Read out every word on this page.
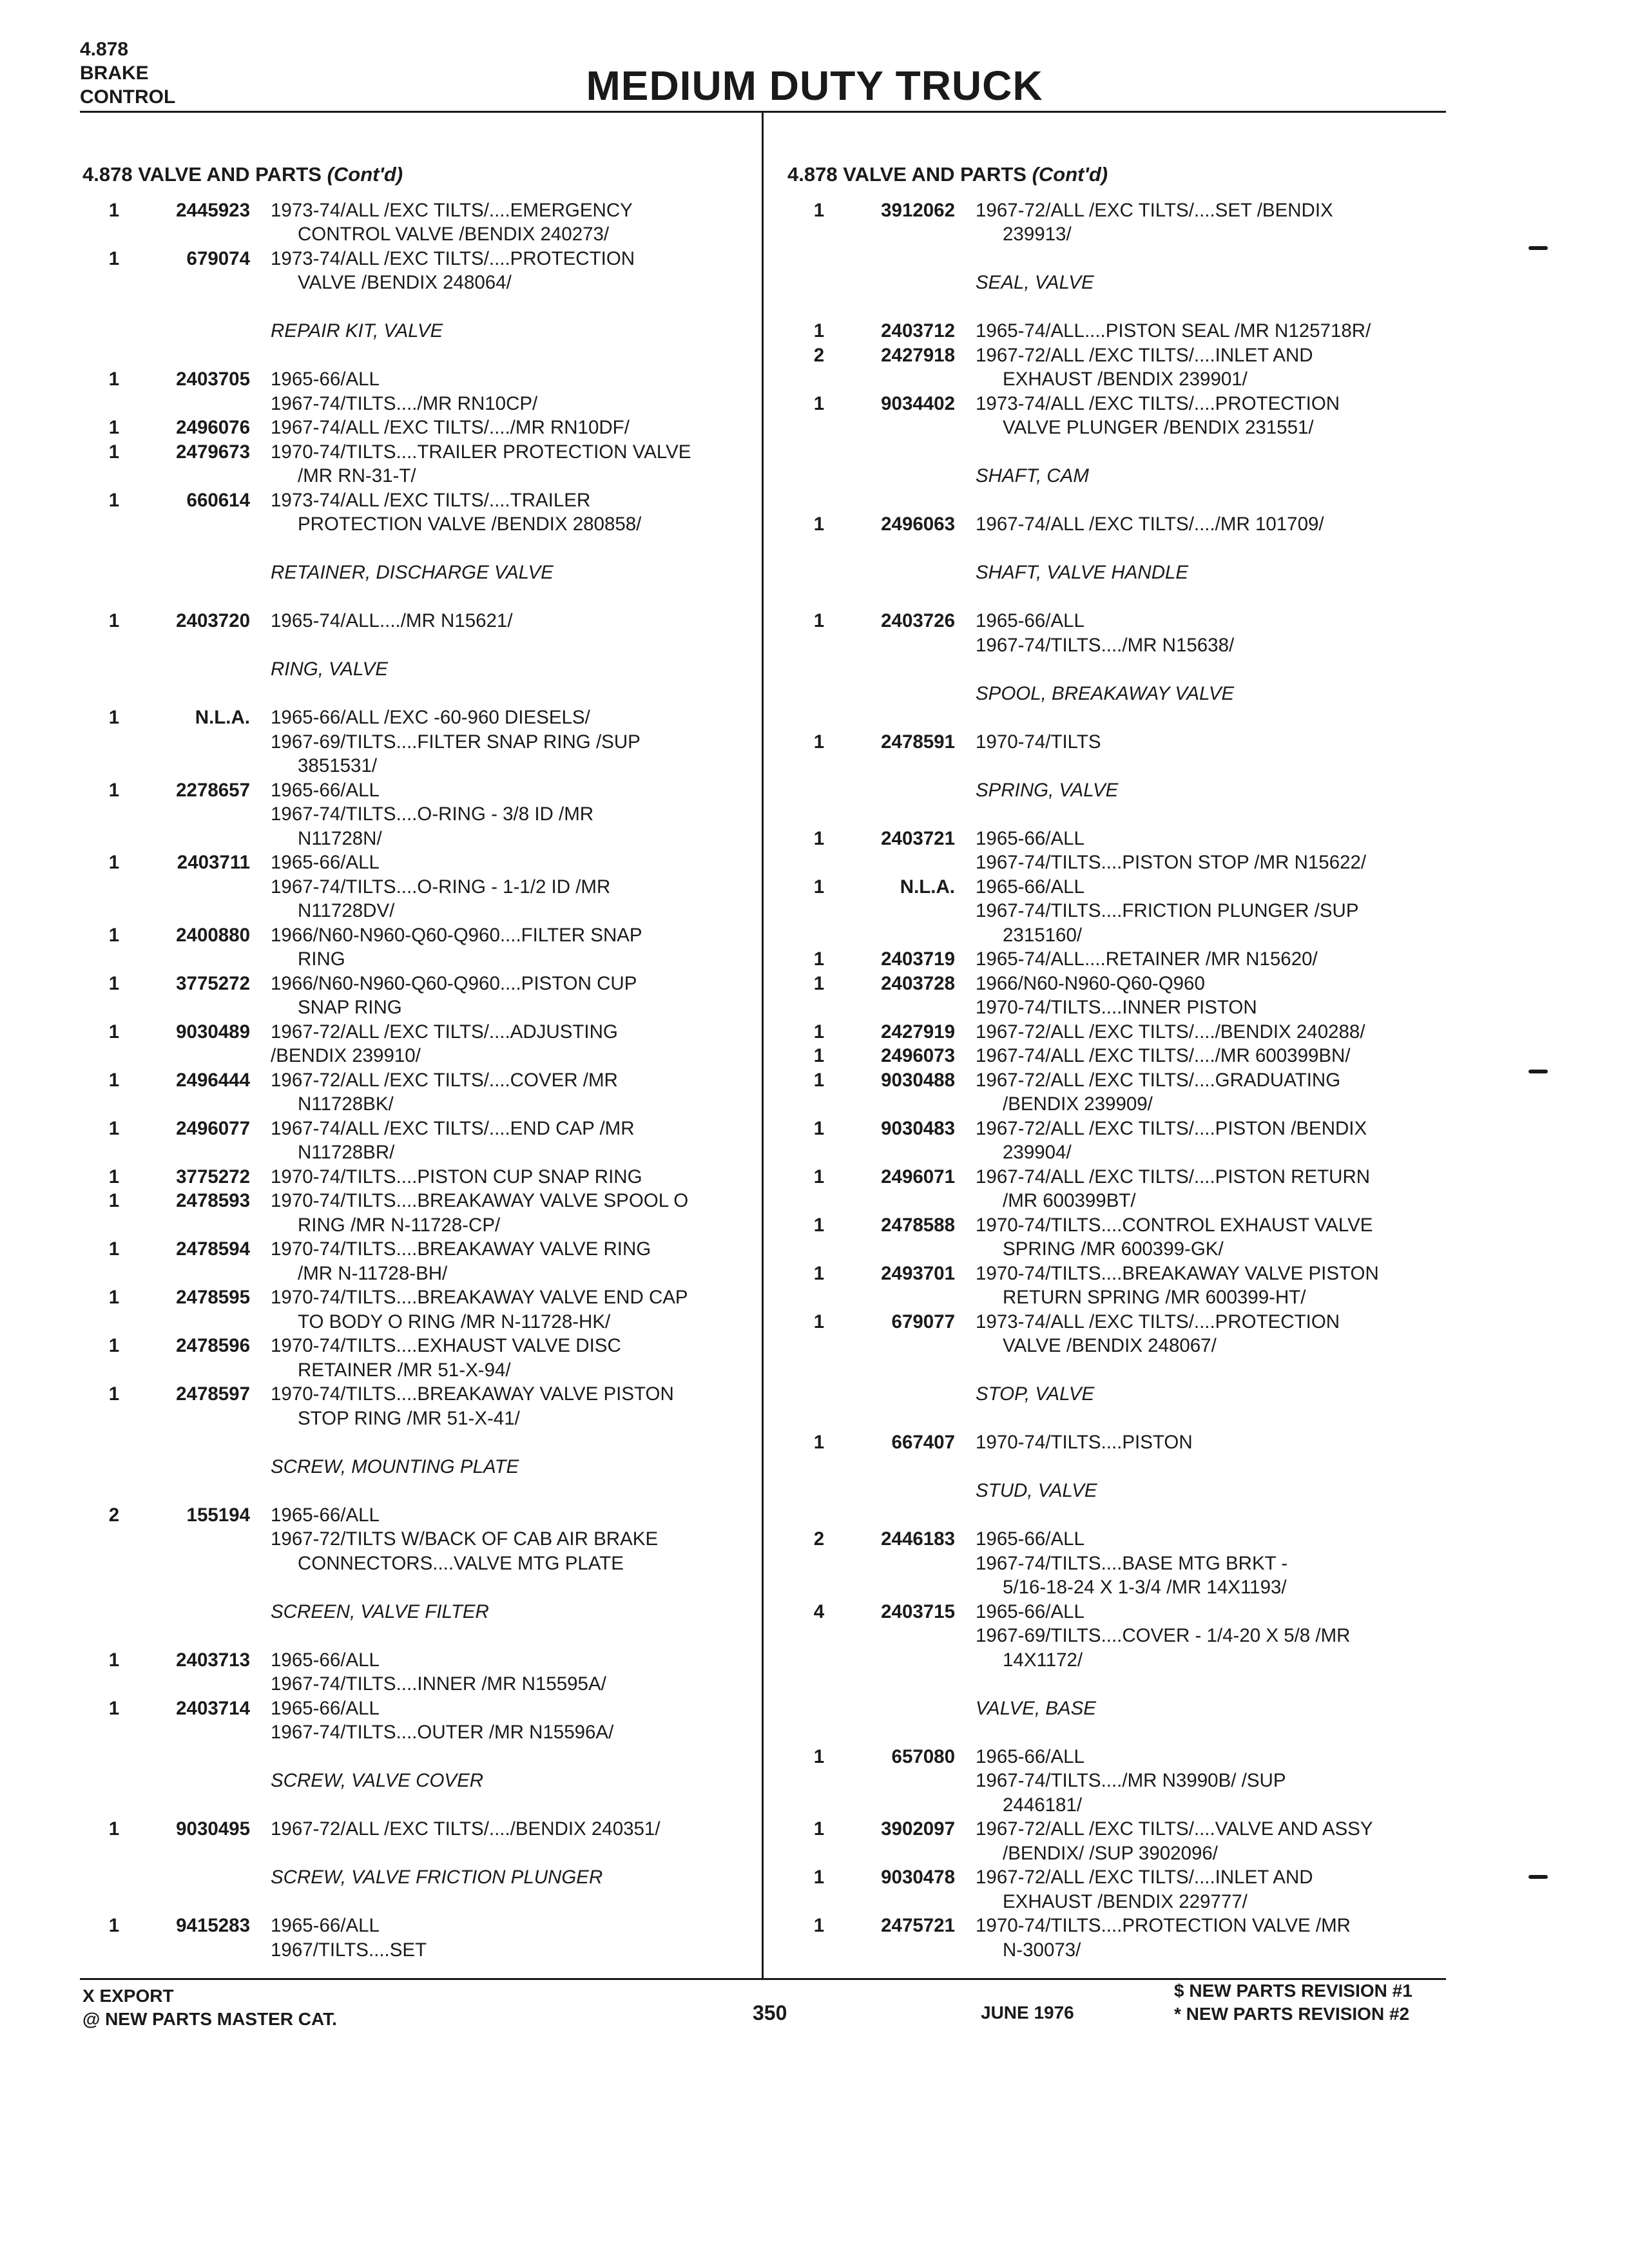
4.878
BRAKE
CONTROL	MEDIUM DUTY TRUCK
4.878 VALVE AND PARTS (Cont'd)
1	2445923 1973-74/ALL /EXC TILTS/....EMERGENCY
CONTROL VALVE /BENDIX 240273/
1	679074 1973-74/ALL /EXC TILTS/....PROTECTION
VALVE /BENDIX 248064/
REPAIR KIT, VALVE
1	2403705 1965-66/ALL
1967-74/TILTS..../MR RN10CP/
1	2496076 1967-74/ALL /EXC TILTS/..../MR RN10DF/
1	2479673 1970-74/TILTS....TRAILER PROTECTION VALVE
/MR RN-31-T/
1	660614 1973-74/ALL /EXC TILTS/....TRAILER
PROTECTION VALVE /BENDIX 280858/
RETAINER, DISCHARGE VALVE
1	2403720 1965-74/ALL..../MR N15621/
RING, VALVE
1	N.L.A. 1965-66/ALL /EXC -60-960 DIESELS/
1967-69/TILTS....FILTER SNAP RING /SUP
3851531/
1	2278657 1965-66/ALL
1967-74/TILTS....O-RING - 3/8 ID /MR
N11728N/
1	2403711 1965-66/ALL
1967-74/TILTS....O-RING - 1-1/2 ID /MR
N11728DV/
1	2400880 1966/N60-N960-Q60-Q960....FILTER SNAP
RING
1	3775272 1966/N60-N960-Q60-Q960....PISTON CUP
SNAP RING
1	9030489 1967-72/ALL /EXC TILTS/....ADJUSTING
/BENDIX 239910/
1	2496444 1967-72/ALL /EXC TILTS/....COVER /MR
N11728BK/
1	2496077 1967-74/ALL /EXC TILTS/....END CAP /MR
N11728BR/
1	3775272 1970-74/TILTS....PISTON CUP SNAP RING
1	2478593 1970-74/TILTS....BREAKAWAY VALVE SPOOL O
RING /MR N-11728-CP/
1	2478594 1970-74/TILTS....BREAKAWAY VALVE RING
/MR N-11728-BH/
1	2478595 1970-74/TILTS....BREAKAWAY VALVE END CAP
TO BODY O RING /MR N-11728-HK/
1	2478596 1970-74/TILTS....EXHAUST VALVE DISC
RETAINER /MR 51-X-94/
1	2478597 1970-74/TILTS....BREAKAWAY VALVE PISTON
STOP RING /MR 51-X-41/
SCREW, MOUNTING PLATE
2	155194 1965-66/ALL
1967-72/TILTS W/BACK OF CAB AIR BRAKE
CONNECTORS....VALVE MTG PLATE
SCREEN, VALVE FILTER
1	2403713 1965-66/ALL
1967-74/TILTS....INNER /MR N15595A/
1	2403714 1965-66/ALL
1967-74/TILTS....OUTER /MR N15596A/
SCREW, VALVE COVER
1	9030495 1967-72/ALL /EXC TILTS/..../BENDIX 240351/
SCREW, VALVE FRICTION PLUNGER
1	9415283 1965-66/ALL
1967/TILTS....SET
4.878 VALVE AND PARTS (Cont'd)
1	3912062 1967-72/ALL /EXC TILTS/....SET /BENDIX
239913/
SEAL, VALVE
1	2403712 1965-74/ALL....PISTON SEAL /MR N125718R/
2	2427918 1967-72/ALL /EXC TILTS/....INLET AND
EXHAUST /BENDIX 239901/
1	9034402 1973-74/ALL /EXC TILTS/....PROTECTION
VALVE PLUNGER /BENDIX 231551/
SHAFT, CAM
1	2496063 1967-74/ALL /EXC TILTS/..../MR 101709/
SHAFT, VALVE HANDLE
1	2403726 1965-66/ALL
1967-74/TILTS..../MR N15638/
SPOOL, BREAKAWAY VALVE
1	2478591 1970-74/TILTS
SPRING, VALVE
1	2403721 1965-66/ALL
1967-74/TILTS....PISTON STOP /MR N15622/
1	N.L.A. 1965-66/ALL
1967-74/TILTS....FRICTION PLUNGER /SUP
2315160/
1	2403719 1965-74/ALL....RETAINER /MR N15620/
1	2403728 1966/N60-N960-Q60-Q960
1970-74/TILTS....INNER PISTON
1	2427919 1967-72/ALL /EXC TILTS/..../BENDIX 240288/
1	2496073 1967-74/ALL /EXC TILTS/..../MR 600399BN/
1	9030488 1967-72/ALL /EXC TILTS/....GRADUATING
/BENDIX 239909/
1	9030483 1967-72/ALL /EXC TILTS/....PISTON /BENDIX
239904/
1	2496071 1967-74/ALL /EXC TILTS/....PISTON RETURN
/MR 600399BT/
1	2478588 1970-74/TILTS....CONTROL EXHAUST VALVE
SPRING /MR 600399-GK/
1	2493701 1970-74/TILTS....BREAKAWAY VALVE PISTON
RETURN SPRING /MR 600399-HT/
1	679077 1973-74/ALL /EXC TILTS/....PROTECTION
VALVE /BENDIX 248067/
STOP, VALVE
1	667407 1970-74/TILTS....PISTON
STUD, VALVE
2	2446183 1965-66/ALL
1967-74/TILTS....BASE MTG BRKT -
5/16-18-24 X 1-3/4 /MR 14X1193/
4	2403715 1965-66/ALL
1967-69/TILTS....COVER - 1/4-20 X 5/8 /MR
14X1172/
VALVE, BASE
1	657080 1965-66/ALL
1967-74/TILTS..../MR N3990B/ /SUP
2446181/
1	3902097 1967-72/ALL /EXC TILTS/....VALVE AND ASSY
/BENDIX/ /SUP 3902096/
1	9030478 1967-72/ALL /EXC TILTS/....INLET AND
EXHAUST /BENDIX 229777/
1	2475721 1970-74/TILTS....PROTECTION VALVE /MR
N-30073/
X EXPORT
@ NEW PARTS MASTER CAT.	350	JUNE 1976
$ NEW PARTS REVISION #1
* NEW PARTS REVISION #2
